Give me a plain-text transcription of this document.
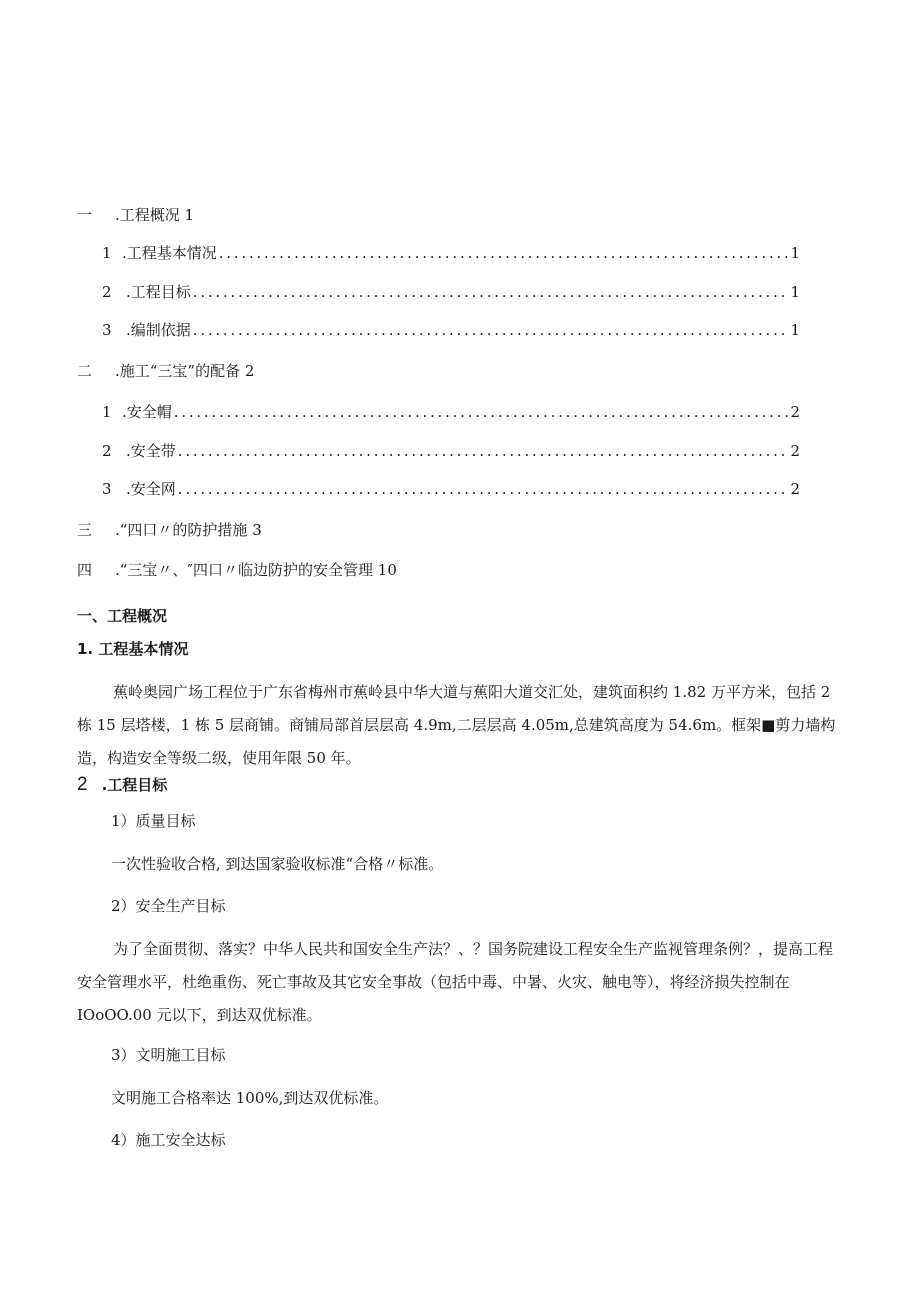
一 .工程概况 1
1 .工程基本情况 . . .	1
2 .工程目标 . . .	1
3 .编制依据 . . .	1
二 .施工“三宝”的配备 2
1 .安全帽 . . .	2
2 .安全带 . . .	2
3 .安全网 . . .	2
三 .“四口〃的防护措施 3
四 .“三宝〃、″四口〃临边防护的安全管理 10
一、工程概况
1. 工程基本情况
蕉岭奥园广场工程位于广东省梅州市蕉岭县中华大道与蕉阳大道交汇处，建筑面积约 1.82 万平方米，包括 2 栋 15 层塔楼，1 栋 5 层商铺。商铺局部首层层高 4.9m,二层层高 4.05m,总建筑高度为 54.6m。框架■剪力墙构造，构造安全等级二级，使用年限 50 年。
2 .工程目标
1）质量目标
一次性验收合格, 到达国家验收标准“合格〃标准。
2）安全生产目标
为了全面贯彻、落实？中华人民共和国安全生产法？、？国务院建设工程安全生产监视管理条例？，提高工程安全管理水平，杜绝重伤、死亡事故及其它安全事故（包括中毒、中暑、火灾、触电等），将经济损失控制在 IOoOO.00 元以下，到达双优标准。
3）文明施工目标
文明施工合格率达 100%,到达双优标准。
4）施工安全达标
